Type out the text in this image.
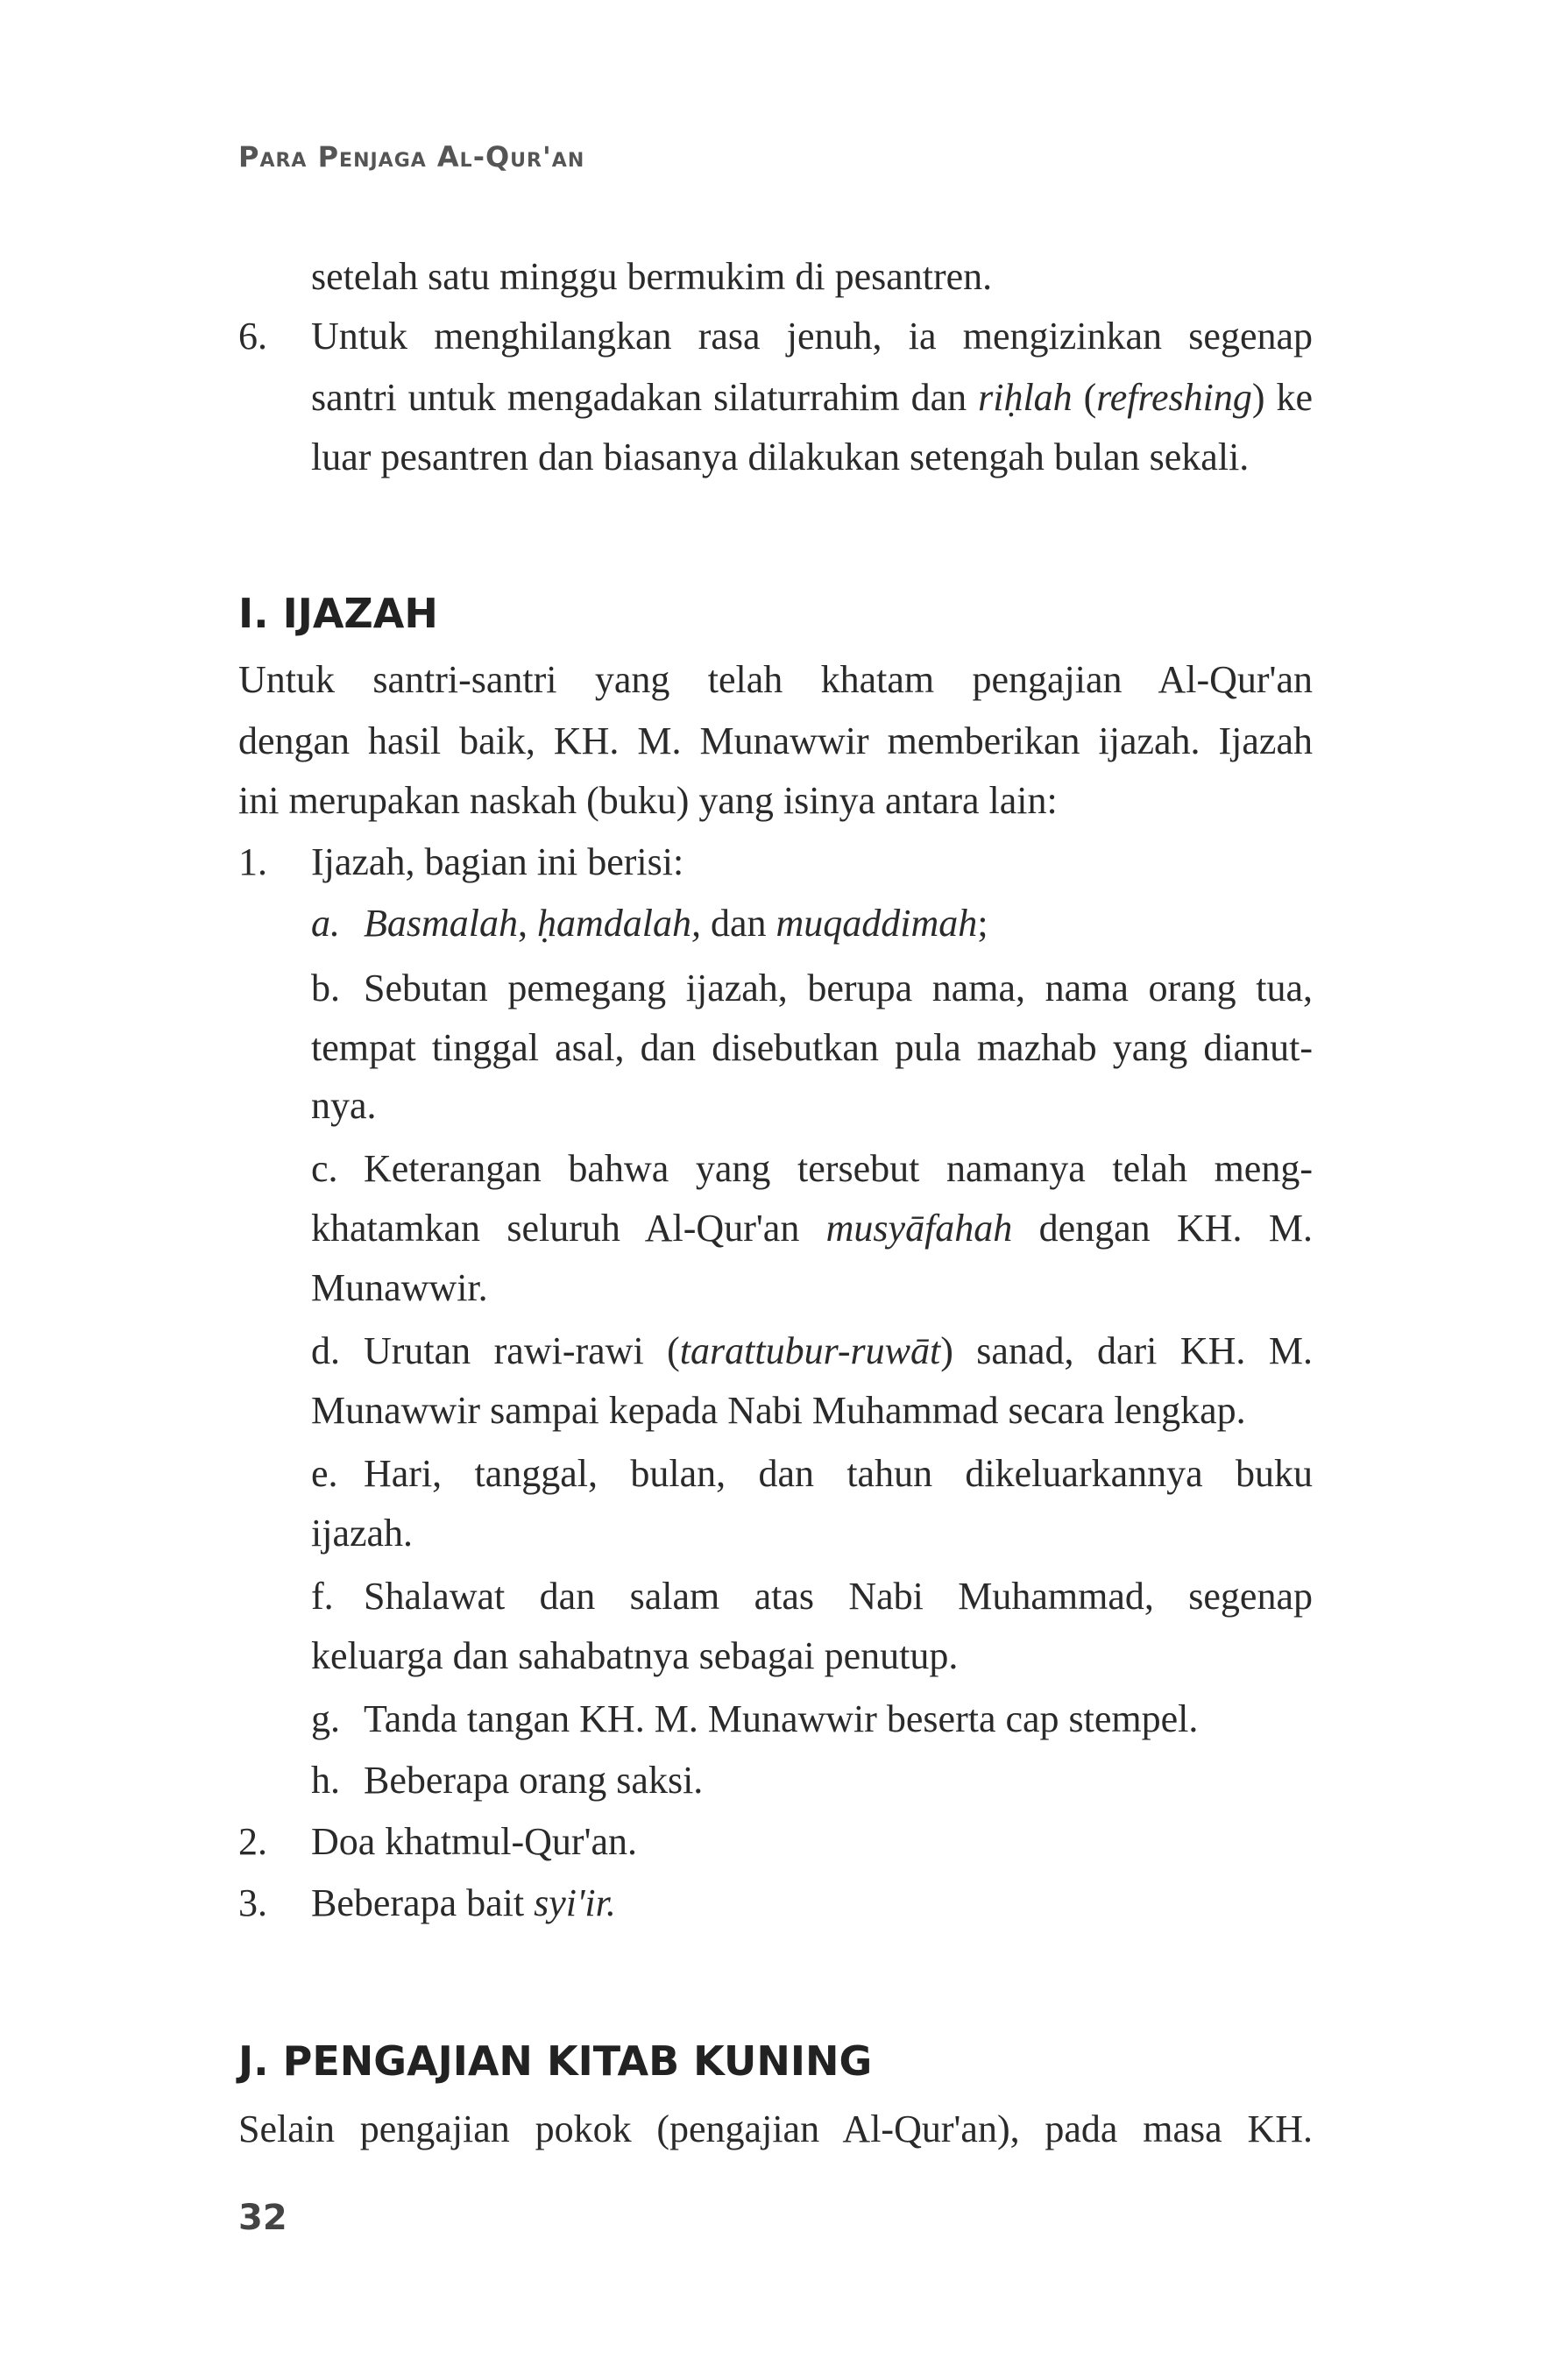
Para Penjaga Al-Qur'an
setelah satu minggu bermukim di pesantren.
6. Untuk menghilangkan rasa jenuh, ia mengizinkan segenap
santri untuk mengadakan silaturrahim dan riḥlah (refreshing) ke
luar pesantren dan biasanya dilakukan setengah bulan sekali.
I. IJAZAH
Untuk santri-santri yang telah khatam pengajian Al-Qur'an
dengan hasil baik, KH. M. Munawwir memberikan ijazah. Ijazah
ini merupakan naskah (buku) yang isinya antara lain:
1. Ijazah, bagian ini berisi:
a. Basmalah, ḥamdalah, dan muqaddimah;
b. Sebutan pemegang ijazah, berupa nama, nama orang tua,
tempat tinggal asal, dan disebutkan pula mazhab yang dianut-
nya.
c. Keterangan bahwa yang tersebut namanya telah meng-
khatamkan seluruh Al-Qur'an musyāfahah dengan KH. M.
Munawwir.
d. Urutan rawi-rawi (tarattubur-ruwāt) sanad, dari KH. M.
Munawwir sampai kepada Nabi Muhammad secara lengkap.
e. Hari, tanggal, bulan, dan tahun dikeluarkannya buku
ijazah.
f. Shalawat dan salam atas Nabi Muhammad, segenap
keluarga dan sahabatnya sebagai penutup.
g. Tanda tangan KH. M. Munawwir beserta cap stempel.
h. Beberapa orang saksi.
2. Doa khatmul-Qur'an.
3. Beberapa bait syi'ir.
J. PENGAJIAN KITAB KUNING
Selain pengajian pokok (pengajian Al-Qur'an), pada masa KH.
32
